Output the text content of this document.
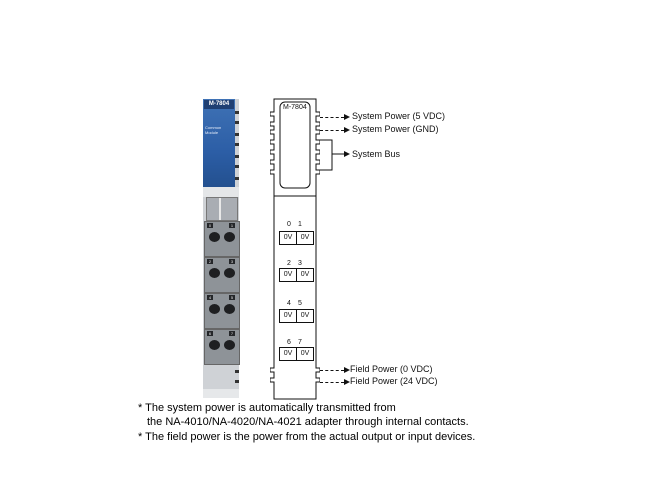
M-7804
Common Module
0	1
2	3
4	5
6	7
M-7804
0 1
0V	0V
2 3
0V	0V
4 5
0V	0V
6 7
0V	0V
System Power (5 VDC)
System Power (GND)
System Bus
Field Power (0 VDC)
Field Power (24 VDC)
* The system power is automatically transmitted from
the NA-4010/NA-4020/NA-4021 adapter through internal contacts.
* The field power is the power from the actual output or input devices.
